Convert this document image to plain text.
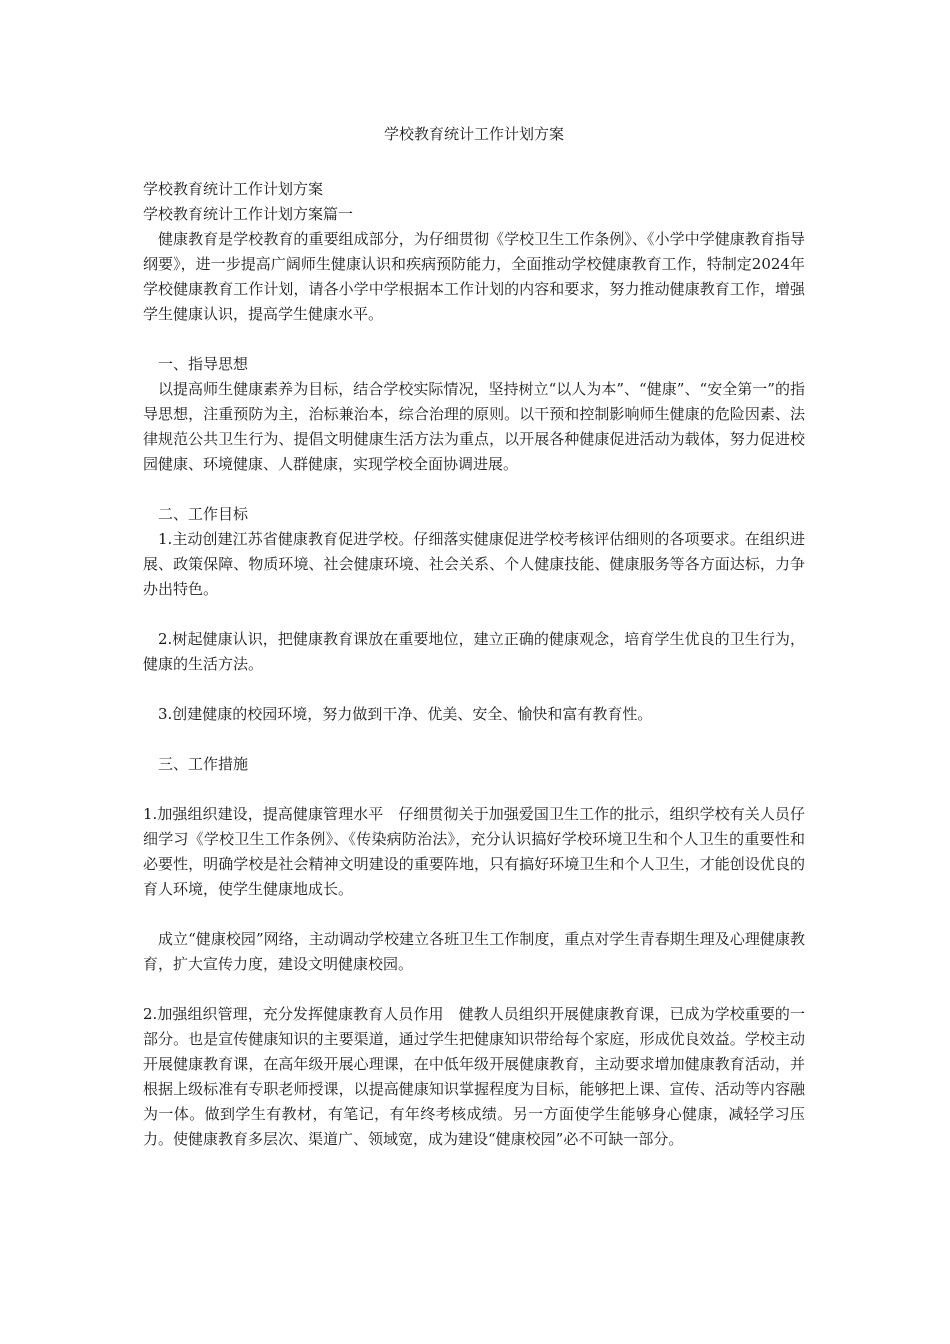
学校教育统计工作计划方案

学校教育统计工作计划方案

学校教育统计工作计划方案篇一

健康教育是学校教育的重要组成部分，为仔细贯彻《学校卫生工作条例》、《小学中学健康教育指导纲要》，进一步提高广阔师生健康认识和疾病预防能力，全面推动学校健康教育工作，特制定2024年学校健康教育工作计划，请各小学中学根据本工作计划的内容和要求，努力推动健康教育工作，增强学生健康认识，提高学生健康水平。

一、指导思想

以提高师生健康素养为目标，结合学校实际情况，坚持树立“以人为本”、“健康”、“安全第一”的指导思想，注重预防为主，治标兼治本，综合治理的原则。以干预和控制影响师生健康的危险因素、法律规范公共卫生行为、提倡文明健康生活方法为重点，以开展各种健康促进活动为载体，努力促进校园健康、环境健康、人群健康，实现学校全面协调进展。

二、工作目标

1.主动创建江苏省健康教育促进学校。仔细落实健康促进学校考核评估细则的各项要求。在组织进展、政策保障、物质环境、社会健康环境、社会关系、个人健康技能、健康服务等各方面达标，力争办出特色。

2.树起健康认识，把健康教育课放在重要地位，建立正确的健康观念，培育学生优良的卫生行为，健康的生活方法。

3.创建健康的校园环境，努力做到干净、优美、安全、愉快和富有教育性。

三、工作措施

1.加强组织建设，提高健康管理水平　仔细贯彻关于加强爱国卫生工作的批示，组织学校有关人员仔细学习《学校卫生工作条例》、《传染病防治法》，充分认识搞好学校环境卫生和个人卫生的重要性和必要性，明确学校是社会精神文明建设的重要阵地，只有搞好环境卫生和个人卫生，才能创设优良的育人环境，使学生健康地成长。

成立“健康校园”网络，主动调动学校建立各班卫生工作制度，重点对学生青春期生理及心理健康教育，扩大宣传力度，建设文明健康校园。

2.加强组织管理，充分发挥健康教育人员作用　健教人员组织开展健康教育课，已成为学校重要的一部分。也是宣传健康知识的主要渠道，通过学生把健康知识带给每个家庭，形成优良效益。学校主动开展健康教育课，在高年级开展心理课，在中低年级开展健康教育，主动要求增加健康教育活动，并根据上级标准有专职老师授课，以提高健康知识掌握程度为目标，能够把上课、宣传、活动等内容融为一体。做到学生有教材，有笔记，有年终考核成绩。另一方面使学生能够身心健康，减轻学习压力。使健康教育多层次、渠道广、领域宽，成为建设“健康校园”必不可缺一部分。
